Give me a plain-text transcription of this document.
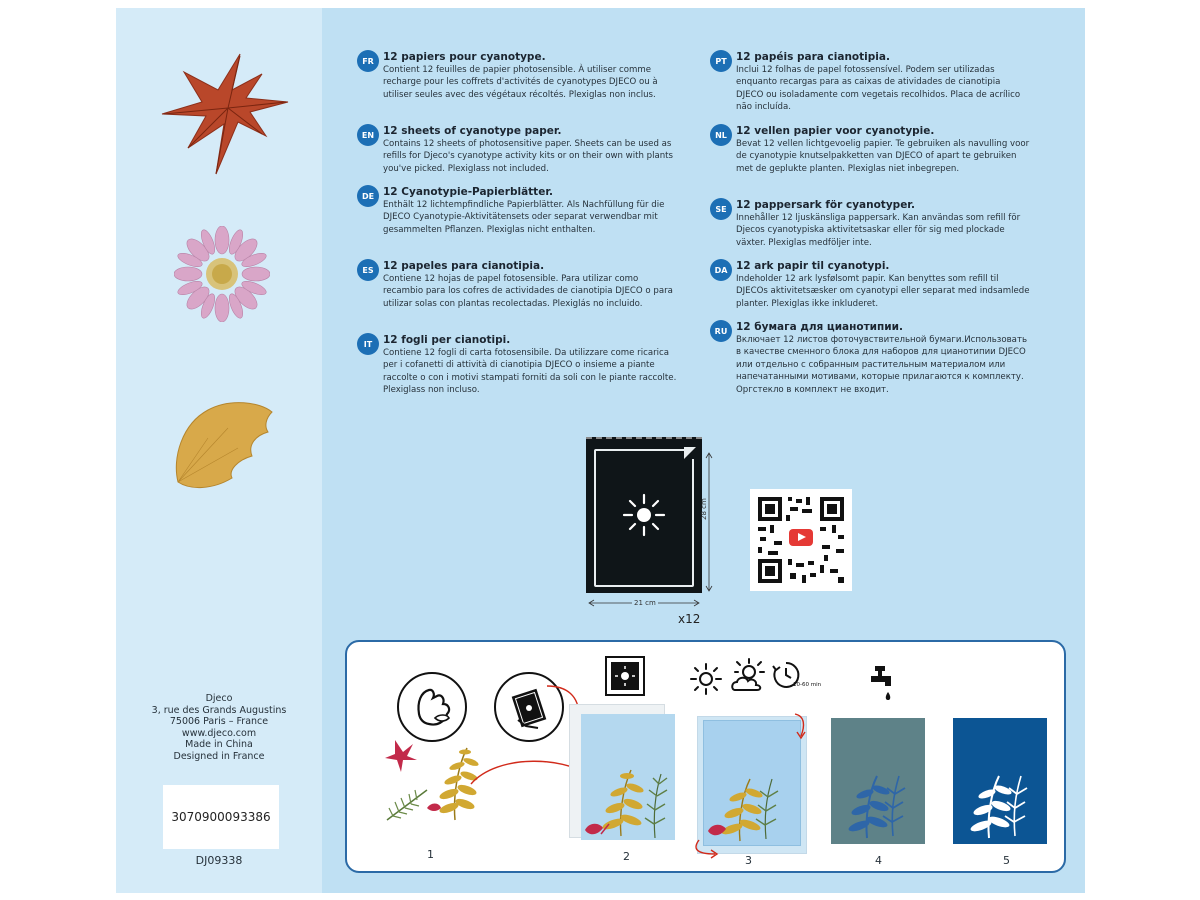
FR 12 papiers pour cyanotype.
Contient 12 feuilles de papier photosensible. À utiliser comme recharge pour les coffrets d'activités de cyanotypes DJECO ou à utiliser seules avec des végétaux récoltés. Plexiglas non inclus.
EN 12 sheets of cyanotype paper.
Contains 12 sheets of photosensitive paper. Sheets can be used as refills for Djeco's cyanotype activity kits or on their own with plants you've picked. Plexiglass not included.
DE 12 Cyanotypie-Papierblätter.
Enthält 12 lichtempfindliche Papierblätter. Als Nachfüllung für die DJECO Cyanotypie-Aktivitätensets oder separat verwendbar mit gesammelten Pflanzen. Plexiglas nicht enthalten.
ES 12 papeles para cianotipia.
Contiene 12 hojas de papel fotosensible. Para utilizar como recambio para los cofres de actividades de cianotipia DJECO o para utilizar solas con plantas recolectadas. Plexiglás no incluido.
IT	12 fogli per cianotipi.
Contiene 12 fogli di carta fotosensibile. Da utilizzare come ricarica per i cofanetti di attività di cianotipia DJECO o insieme a piante raccolte o con i motivi stampati forniti da soli con le piante raccolte. Plexiglass non incluso.
PT 12 papéis para cianotipia.
Inclui 12 folhas de papel fotossensível. Podem ser utilizadas enquanto recargas para as caixas de atividades de cianotipia DJECO ou isoladamente com vegetais recolhidos. Placa de acrílico não incluída.
NL 12 vellen papier voor cyanotypie.
Bevat 12 vellen lichtgevoelig papier. Te gebruiken als navulling voor de cyanotypie knutselpakketten van DJECO of apart te gebruiken met de geplukte planten. Plexiglas niet inbegrepen.
SE 12 pappersark för cyanotyper.
Innehåller 12 ljuskänsliga pappersark. Kan användas som refill för Djecos cyanotypiska aktivitetsaskar eller för sig med plockade växter. Plexiglas medföljer inte.
DA 12 ark papir til cyanotypi.
Indeholder 12 ark lysfølsomt papir. Kan benyttes som refill til DJECOs aktivitetsæsker om cyanotypi eller separat med indsamlede planter. Plexiglas ikke inkluderet.
RU 12 бумага для цианотипии.
Включает 12 листов фоточувствительной бумаги.Использовать в качестве сменного блока для наборов для цианотипии DJECO или отдельно с собранным растительным материалом или напечатанными мотивами, которые прилагаются к комплекту. Оргстекло в комплект не входит.
28 cm
21 cm
x12
Djeco
3, rue des Grands Augustins
75006 Paris – France
www.djeco.com
Made in China
Designed in France
3070900093386
DJ09338
10-60 min
1	2	3	4	5
